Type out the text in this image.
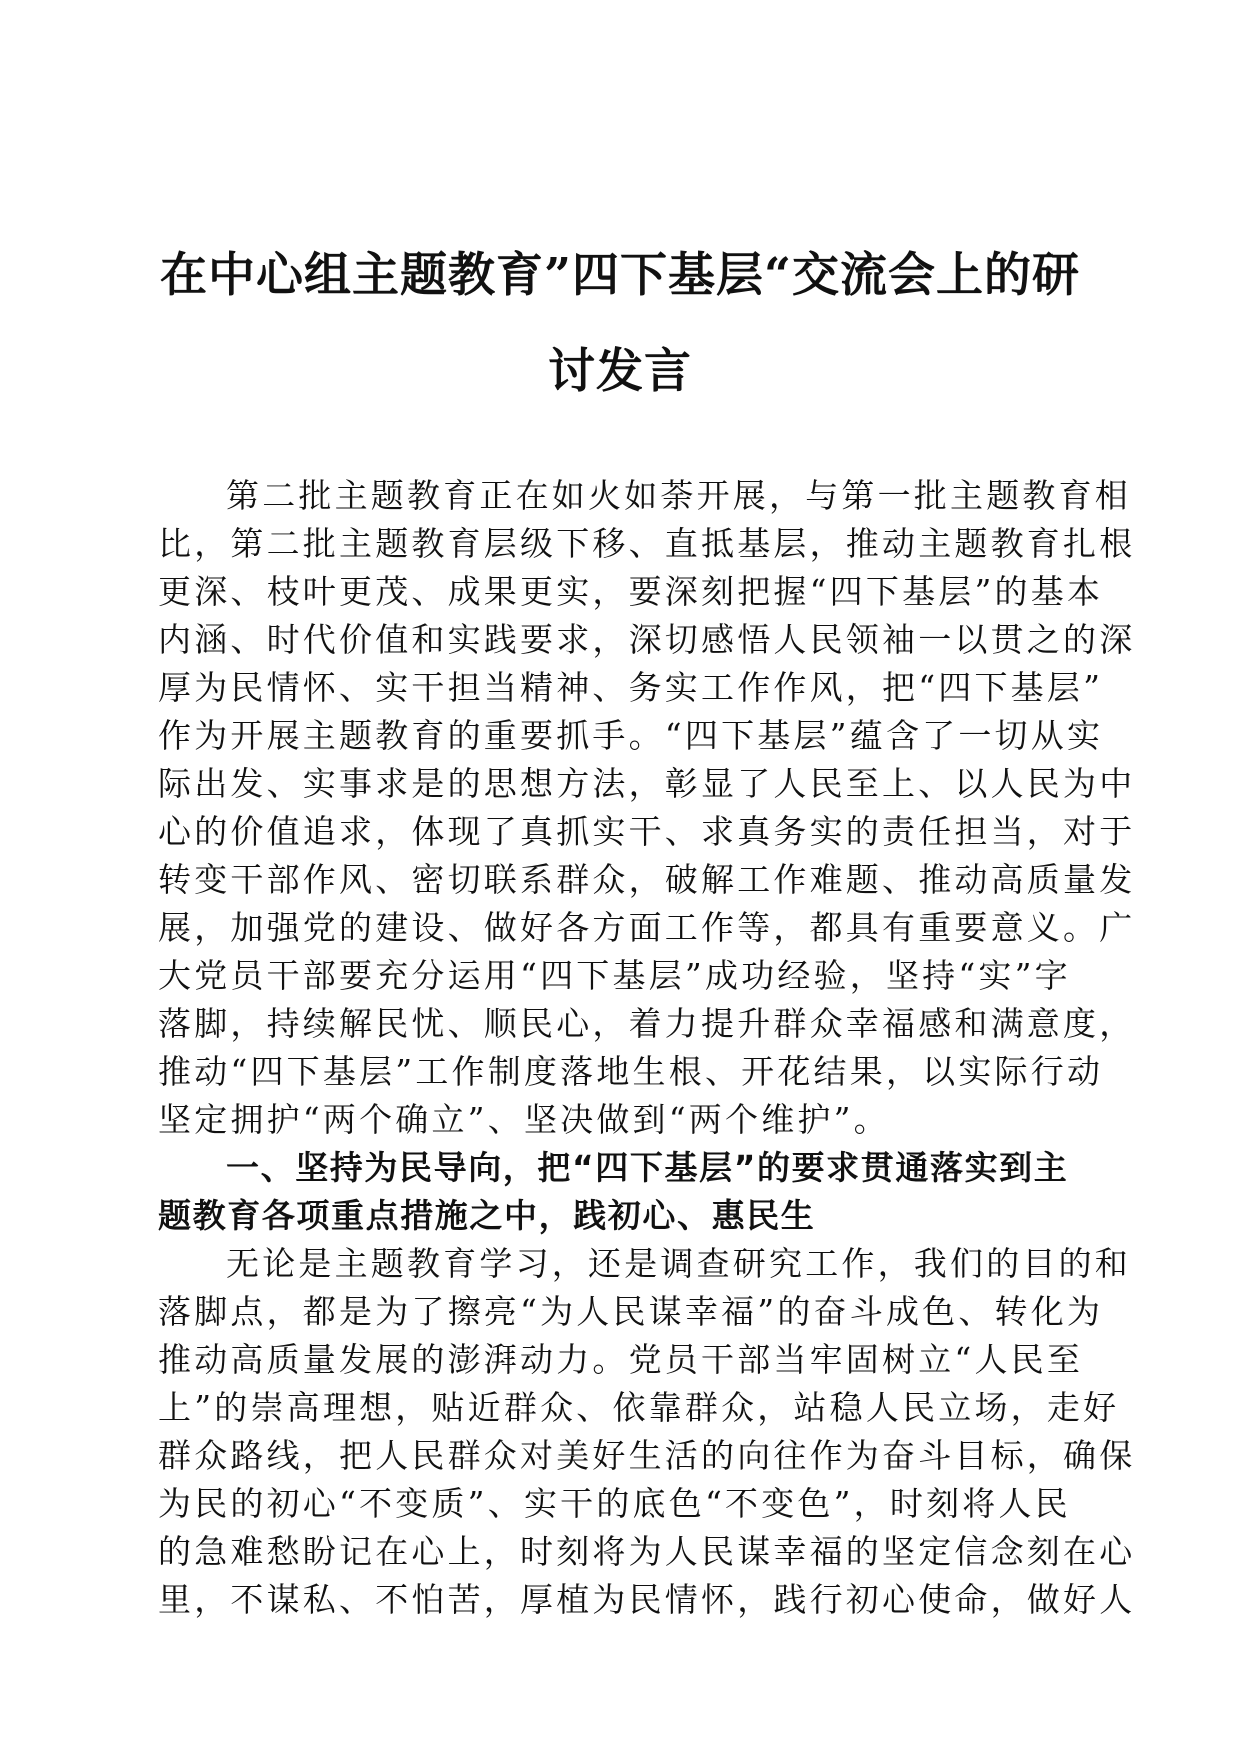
在中心组主题教育”四下基层“交流会上的研
讨发言
第二批主题教育正在如火如荼开展，与第一批主题教育相
比，第二批主题教育层级下移、直抵基层，推动主题教育扎根
更深、枝叶更茂、成果更实，要深刻把握“四下基层”的基本
内涵、时代价值和实践要求，深切感悟人民领袖一以贯之的深
厚为民情怀、实干担当精神、务实工作作风，把“四下基层”
作为开展主题教育的重要抓手。“四下基层”蕴含了一切从实
际出发、实事求是的思想方法，彰显了人民至上、以人民为中
心的价值追求，体现了真抓实干、求真务实的责任担当，对于
转变干部作风、密切联系群众，破解工作难题、推动高质量发
展，加强党的建设、做好各方面工作等，都具有重要意义。广
大党员干部要充分运用“四下基层”成功经验，坚持“实”字
落脚，持续解民忧、顺民心，着力提升群众幸福感和满意度，
推动“四下基层”工作制度落地生根、开花结果，以实际行动
坚定拥护“两个确立”、坚决做到“两个维护”。
一、坚持为民导向，把“四下基层”的要求贯通落实到主
题教育各项重点措施之中，践初心、惠民生
无论是主题教育学习，还是调查研究工作，我们的目的和
落脚点，都是为了擦亮“为人民谋幸福”的奋斗成色、转化为
推动高质量发展的澎湃动力。党员干部当牢固树立“人民至
上”的崇高理想，贴近群众、依靠群众，站稳人民立场，走好
群众路线，把人民群众对美好生活的向往作为奋斗目标，确保
为民的初心“不变质”、实干的底色“不变色”，时刻将人民
的急难愁盼记在心上，时刻将为人民谋幸福的坚定信念刻在心
里，不谋私、不怕苦，厚植为民情怀，践行初心使命，做好人
